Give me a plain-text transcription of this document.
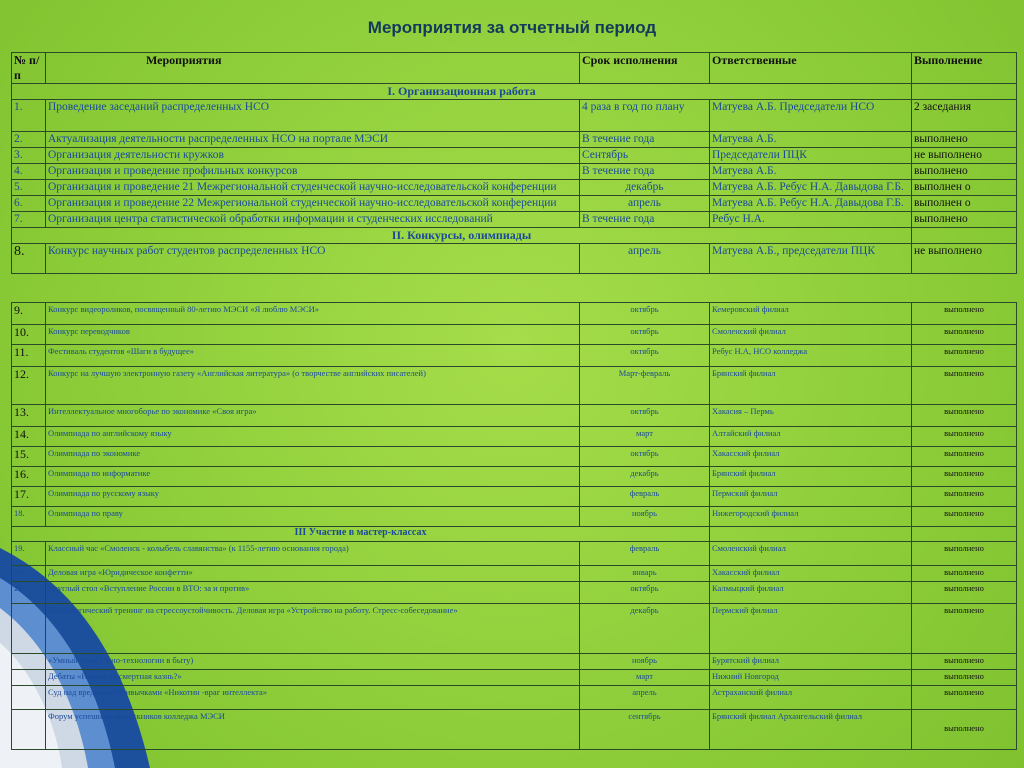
Мероприятия за отчетный период
№ п/п	Мероприятия	Срок исполнения	Ответственные	Выполнение
I. Организационная работа				
1.	Проведение заседаний распределенных НСО	4 раза в год по плану	Матуева А.Б. Председатели НСО	2 заседания
2.	Актуализация деятельности распределенных НСО на портале МЭСИ	В течение года	Матуева А.Б.	выполнено
3.	Организация деятельности кружков	Сентябрь	Председатели ПЦК	не выполнено
4.	Организация и проведение профильных конкурсов	В течение года	Матуева А.Б.	выполнено
5.	Организация и проведение 21 Межрегиональной студенческой научно-исследовательской конференции	декабрь	Матуева А.Б. Ребус Н.А. Давыдова Г.Б.	выполнен о
6.	Организация и проведение 22 Межрегиональной студенческой научно-исследовательской конференции	апрель	Матуева А.Б. Ребус Н.А. Давыдова Г.Б.	выполнен о
7.	Организация центра статистической обработки информации и студенческих исследований	В течение года	Ребус Н.А.	выполнено
II. Конкурсы, олимпиады				
8.	Конкурс научных работ студентов распределенных НСО	апрель	Матуева А.Б., председатели ПЦК	не выполнено
9.	Конкурс видеороликов, посвященный 80-летию МЭСИ «Я люблю МЭСИ»	октябрь	Кемеровский филиал	выполнено
10.	Конкурс переводчиков	октябрь	Смоленский филиал	выполнено
11.	Фестиваль студентов «Шаги в будущее»	октябрь	Ребус Н.А, НСО колледжа	выполнено
12.	Конкурс на лучшую электронную газету «Английская литература» (о творчестве английских писателей)	Март-февраль	Брянский филиал	выполнено
13.	Интеллектуальное многоборье по экономике «Своя игра»	октябрь	Хакасия – Пермь	выполнено
14.	Олимпиада по английскому языку	март	Алтайский филиал	выполнено
15.	Олимпиада по экономике	октябрь	Хакасский филиал	выполнено
16.	Олимпиада по информатике	декабрь	Брянский филиал	выполнено
17.	Олимпиада по русскому языку	февраль	Пермский филиал	выполнено
18.	Олимпиада по праву	ноябрь	Нижегородский филиал	выполнено
III Участие в мастер-классах				
19.	Классный час «Смоленск - колыбель славянства» (к 1155-летию основания города)	февраль	Смоленский филиал	выполнено
20.	Деловая игра «Юридическое конфетти»	январь	Хакасский филиал	выполнено
21.	Круглый стол «Вступление России в ВТО: за и против»	октябрь	Калмыцкий филиал	выполнено
	Психологический тренинг на стрессоустойчивость. Деловая игра «Устройство на работу. Стресс-собеседование»	декабрь	Пермский филиал	выполнено
	«Умный дом» (нано-технологии в быту)	ноябрь	Бурятский филиал	выполнено
	Дебаты «Нужна ли смертная казнь?»	март	Нижний Новгород	выполнено
	Суд над вредными привычками «Никотин -враг интеллекта»	апрель	Астраханский филиал	выполнено
	Форум успешных выпускников колледжа МЭСИ	сентябрь	Брянский филиал Архангельский филиал	выполнено
